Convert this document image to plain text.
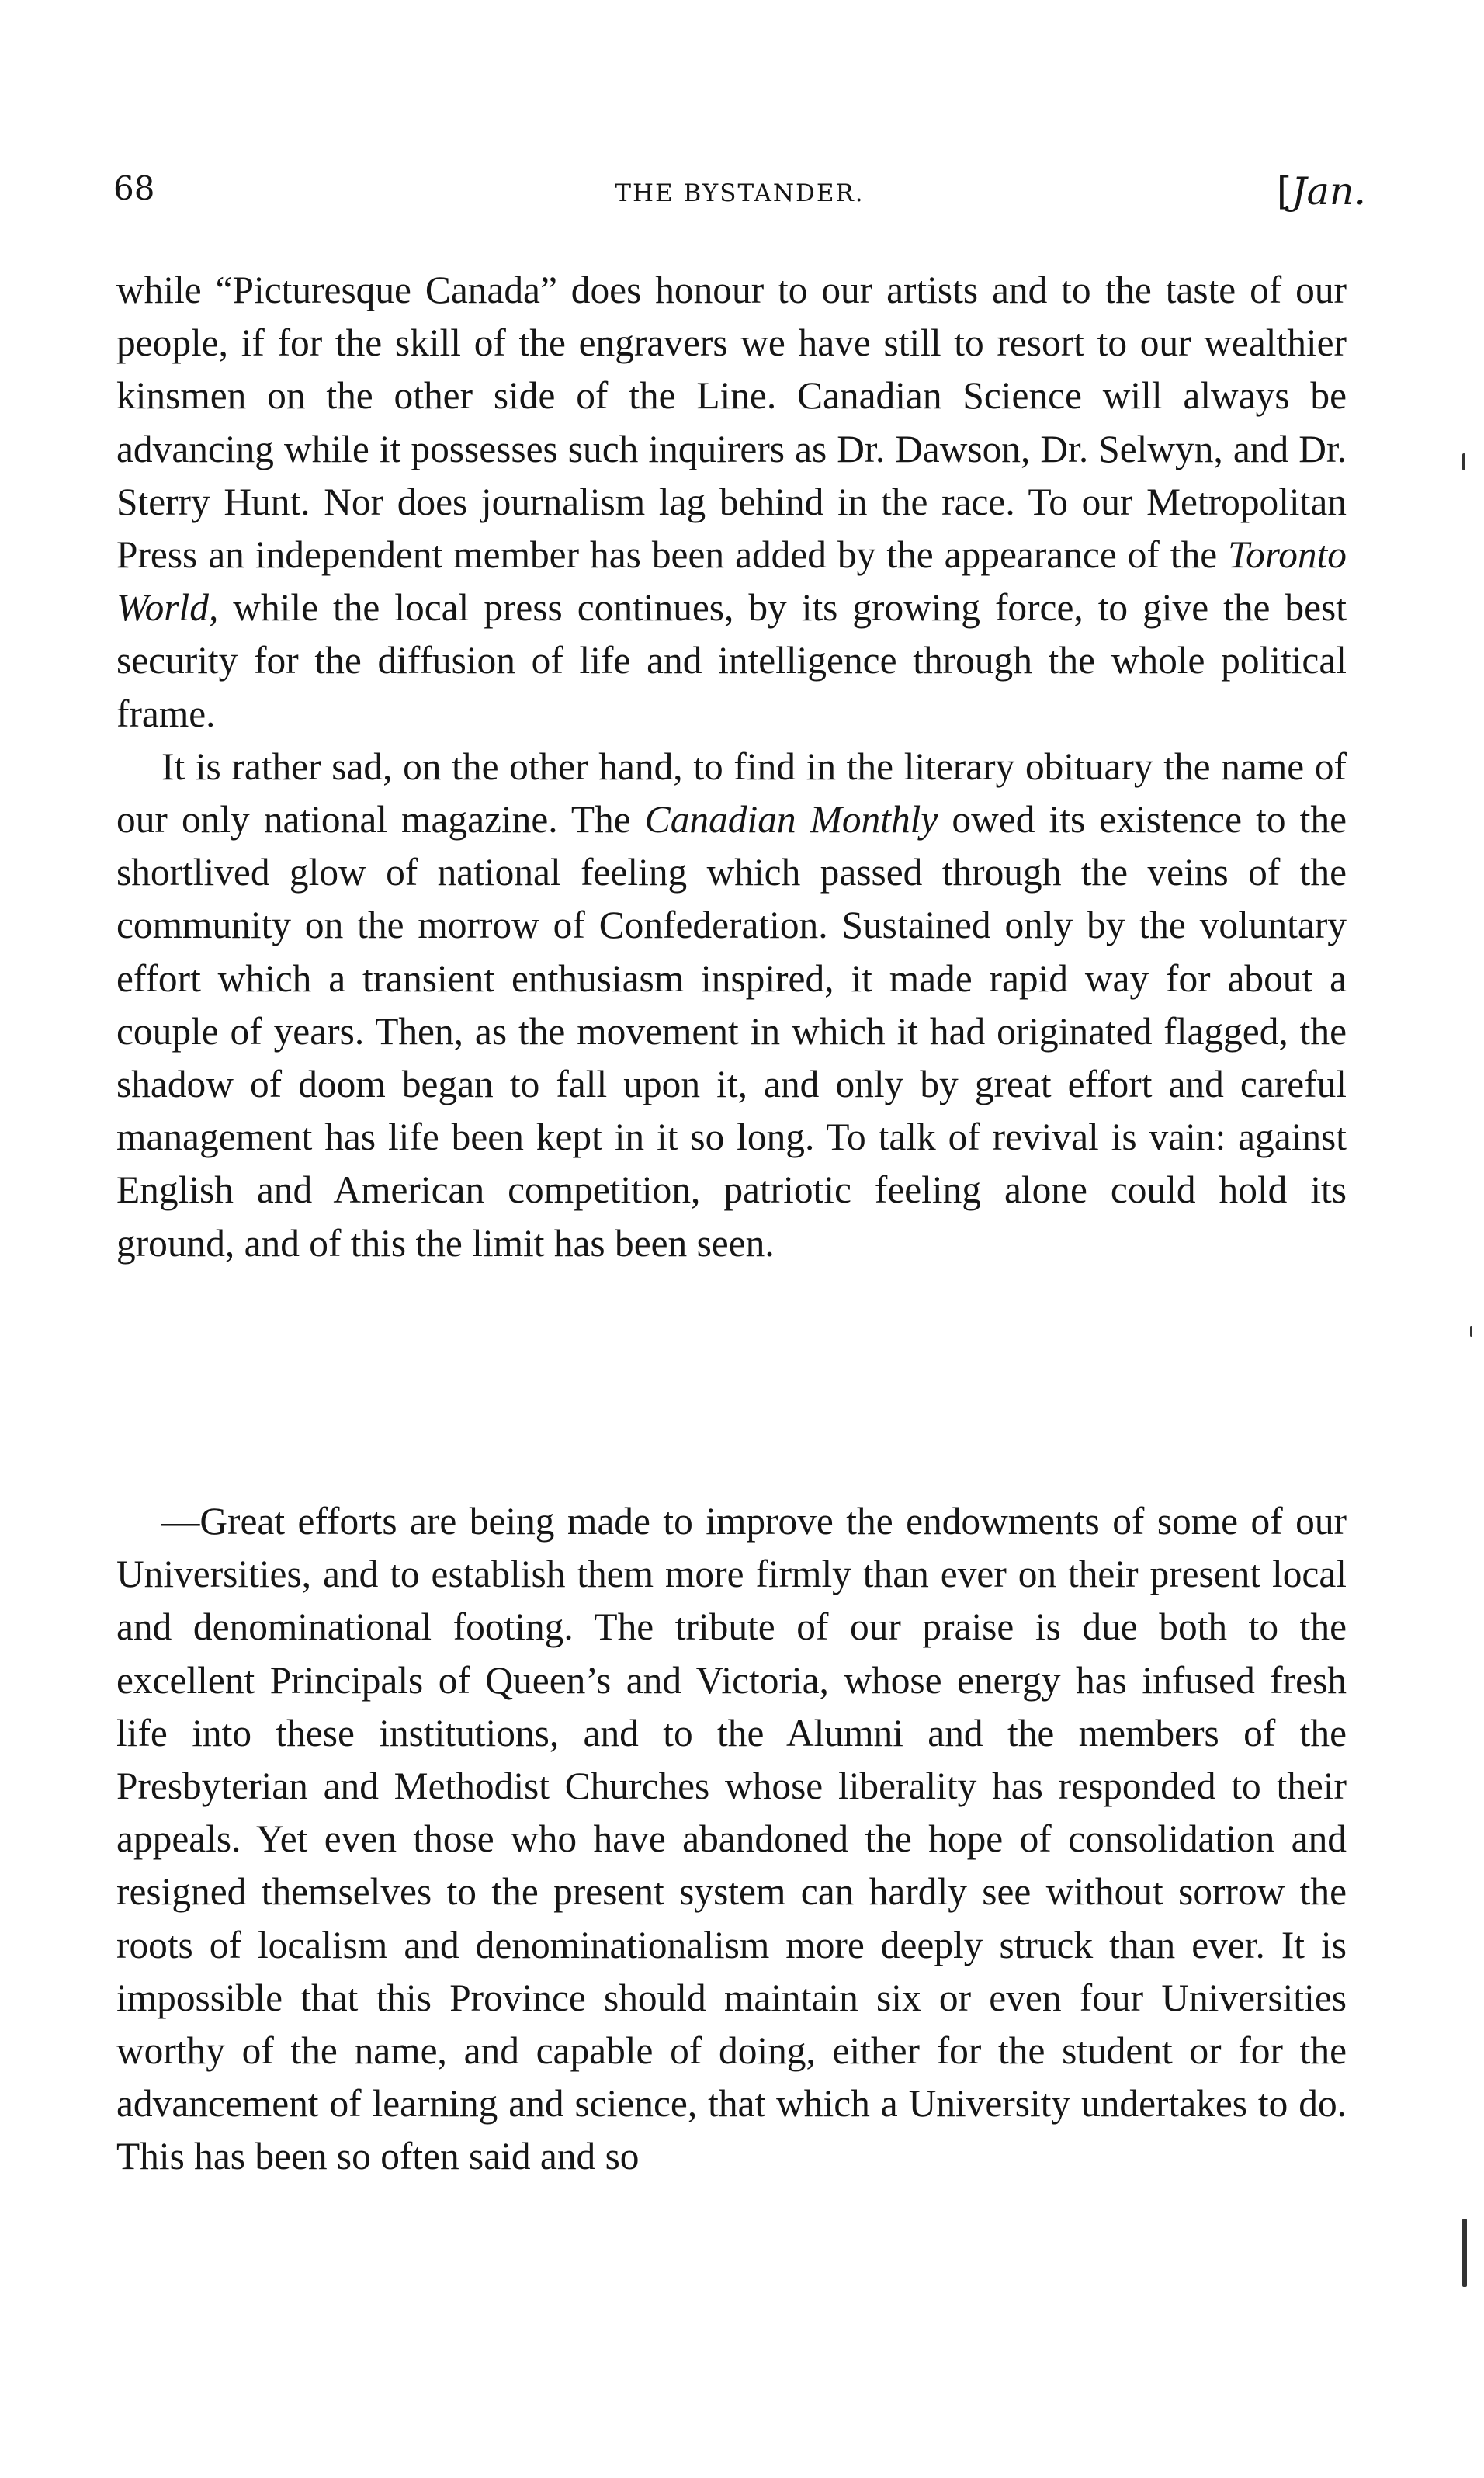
68	THE BYSTANDER.	[Jan.

while “Picturesque Canada” does honour to our artists and to the taste of our people, if for the skill of the engravers we have still to resort to our wealthier kinsmen on the other side of the Line. Canadian Science will always be advancing while it possesses such inquirers as Dr. Dawson, Dr. Selwyn, and Dr. Sterry Hunt. Nor does journalism lag behind in the race. To our Metropolitan Press an independent member has been added by the appearance of the Toronto World, while the local press continues, by its growing force, to give the best security for the diffusion of life and intelligence through the whole political frame.

It is rather sad, on the other hand, to find in the literary obituary the name of our only national magazine. The Canadian Monthly owed its existence to the shortlived glow of national feeling which passed through the veins of the community on the morrow of Confederation. Sustained only by the voluntary effort which a transient enthusiasm inspired, it made rapid way for about a couple of years. Then, as the movement in which it had originated flagged, the shadow of doom began to fall upon it, and only by great effort and careful management has life been kept in it so long. To talk of revival is vain: against English and American competition, patriotic feeling alone could hold its ground, and of this the limit has been seen.

—Great efforts are being made to improve the endowments of some of our Universities, and to establish them more firmly than ever on their present local and denominational footing. The tribute of our praise is due both to the excellent Principals of Queen’s and Victoria, whose energy has infused fresh life into these institutions, and to the Alumni and the members of the Presbyterian and Methodist Churches whose liberality has responded to their appeals. Yet even those who have abandoned the hope of consolidation and resigned themselves to the present system can hardly see without sorrow the roots of localism and denominationalism more deeply struck than ever. It is impossible that this Province should maintain six or even four Universities worthy of the name, and capable of doing, either for the student or for the advancement of learning and science, that which a University undertakes to do. This has been so often said and so
